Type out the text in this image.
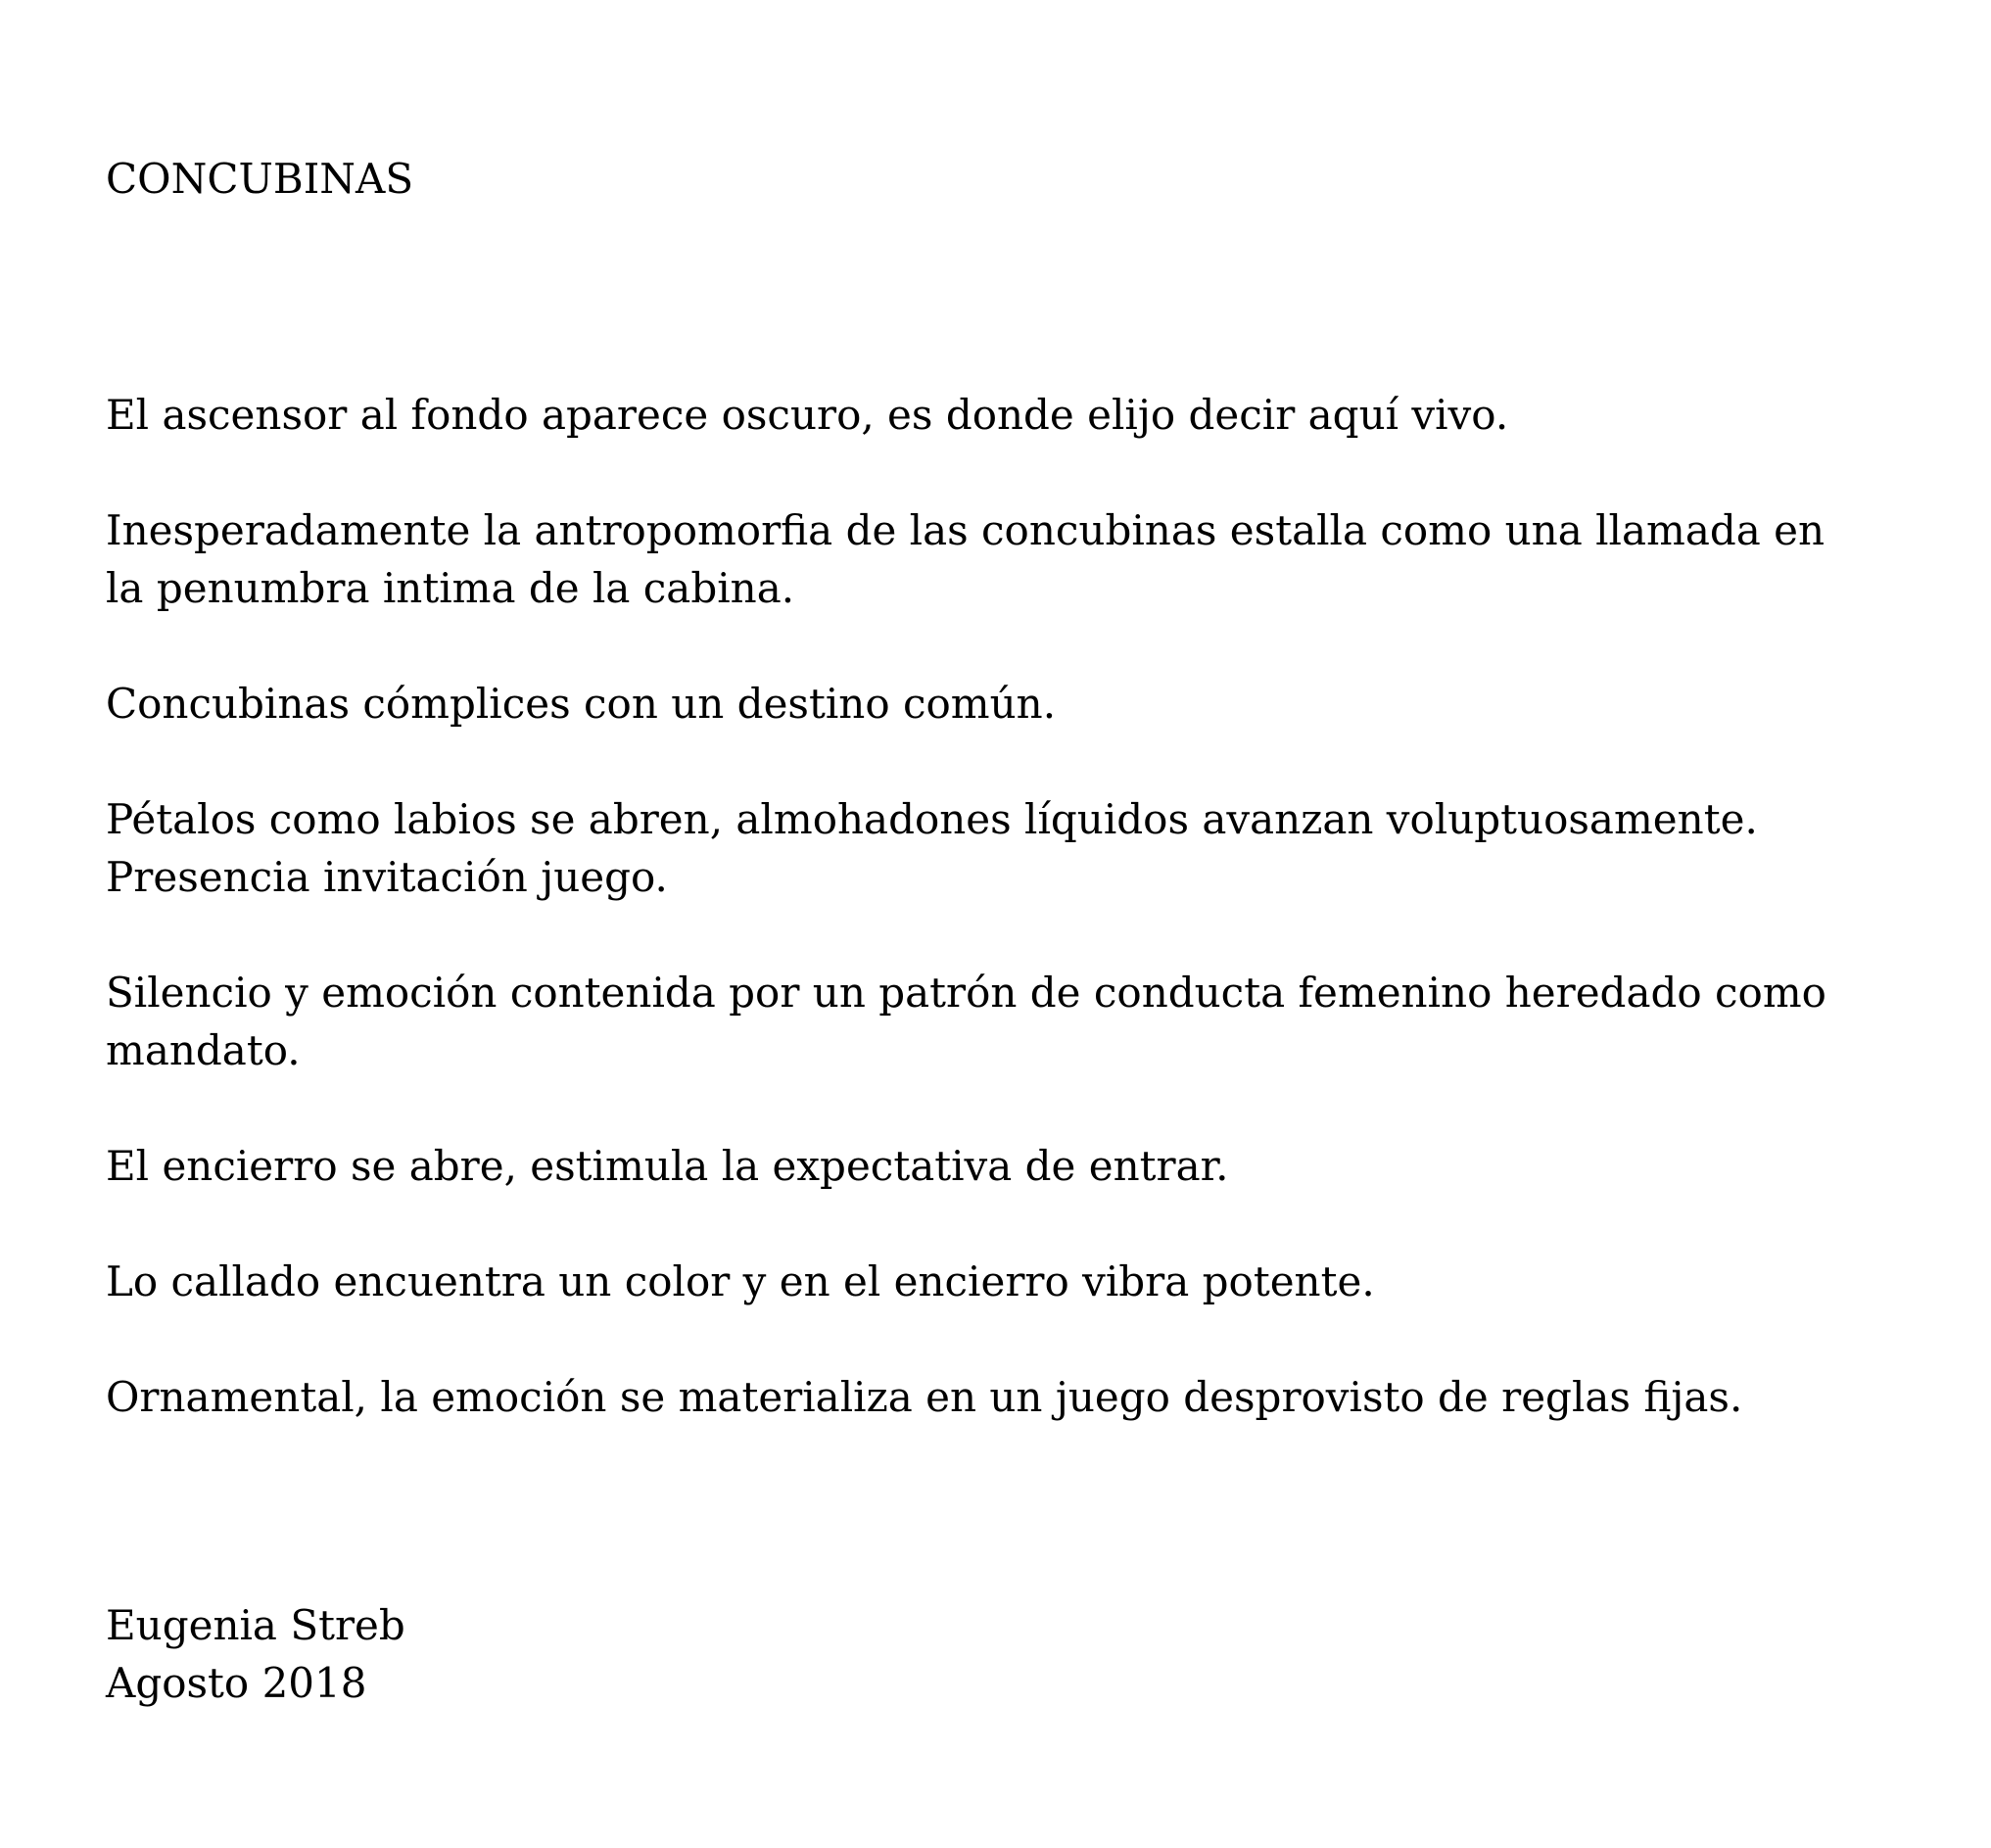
CONCUBINAS
El ascensor al fondo aparece oscuro, es donde elijo decir aquí vivo.
Inesperadamente la antropomorfia de las concubinas estalla como una llamada en
la penumbra intima de la cabina.
Concubinas cómplices con un destino común.
Pétalos como labios se abren, almohadones líquidos avanzan voluptuosamente.
Presencia invitación juego.
Silencio y emoción contenida por un patrón de conducta femenino heredado como
mandato.
El encierro se abre, estimula la expectativa de entrar.
Lo callado encuentra un color y en el encierro vibra potente.
Ornamental, la emoción se materializa en un juego desprovisto de reglas fijas.
Eugenia Streb
Agosto 2018
